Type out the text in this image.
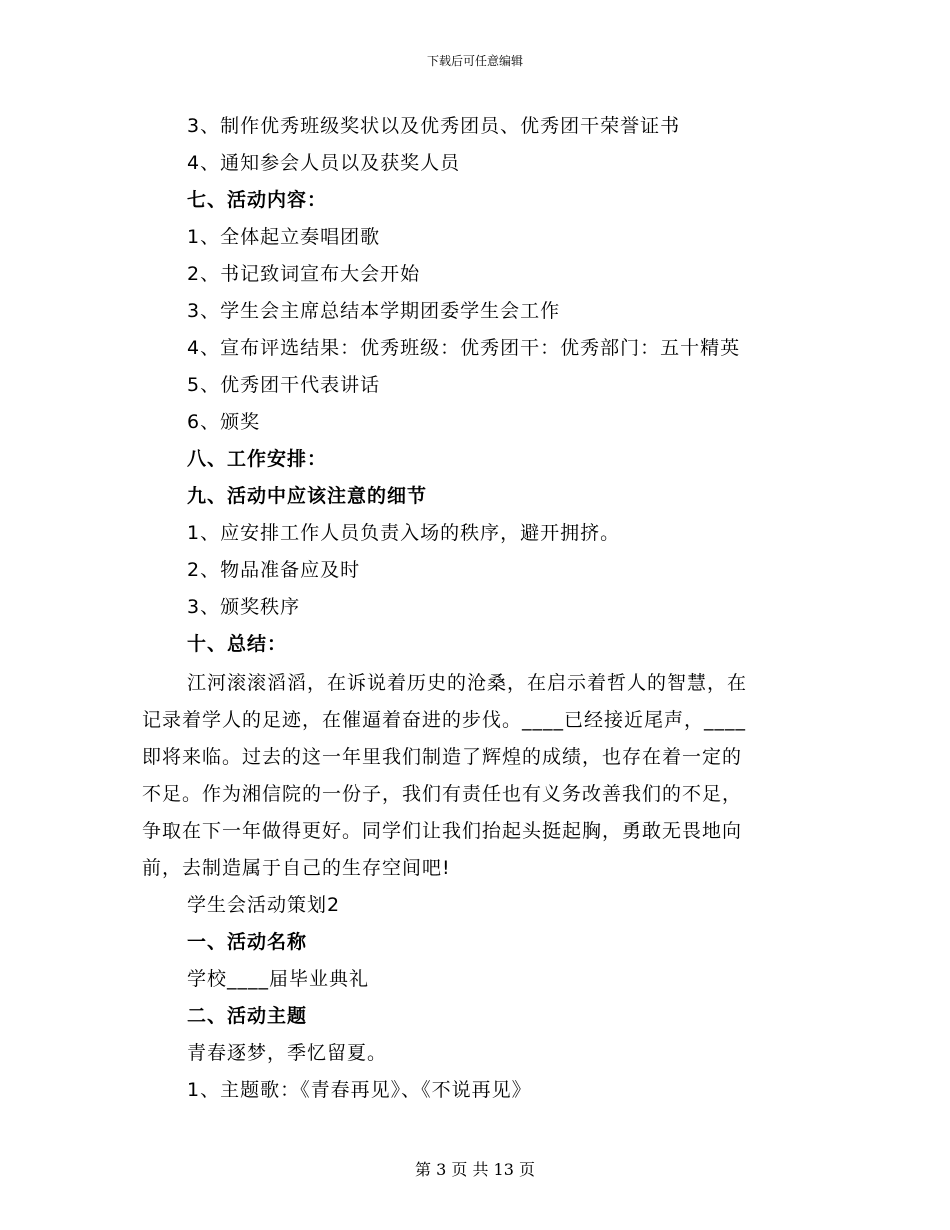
下载后可任意编辑
3、制作优秀班级奖状以及优秀团员、优秀团干荣誉证书
4、通知参会人员以及获奖人员
七、活动内容：
1、全体起立奏唱团歌
2、书记致词宣布大会开始
3、学生会主席总结本学期团委学生会工作
4、宣布评选结果：优秀班级：优秀团干：优秀部门：五十精英
5、优秀团干代表讲话
6、颁奖
八、工作安排：
九、活动中应该注意的细节
1、应安排工作人员负责入场的秩序，避开拥挤。
2、物品准备应及时
3、颁奖秩序
十、总结：
江河滚滚滔滔，在诉说着历史的沧桑，在启示着哲人的智慧，在
记录着学人的足迹，在催逼着奋进的步伐。____已经接近尾声，____
即将来临。过去的这一年里我们制造了辉煌的成绩，也存在着一定的
不足。作为湘信院的一份子，我们有责任也有义务改善我们的不足，
争取在下一年做得更好。同学们让我们抬起头挺起胸，勇敢无畏地向
前，去制造属于自己的生存空间吧!
学生会活动策划2
一、活动名称
学校____届毕业典礼
二、活动主题
青春逐梦，季忆留夏。
1、主题歌：《青春再见》、《不说再见》
第 3 页 共 13 页
